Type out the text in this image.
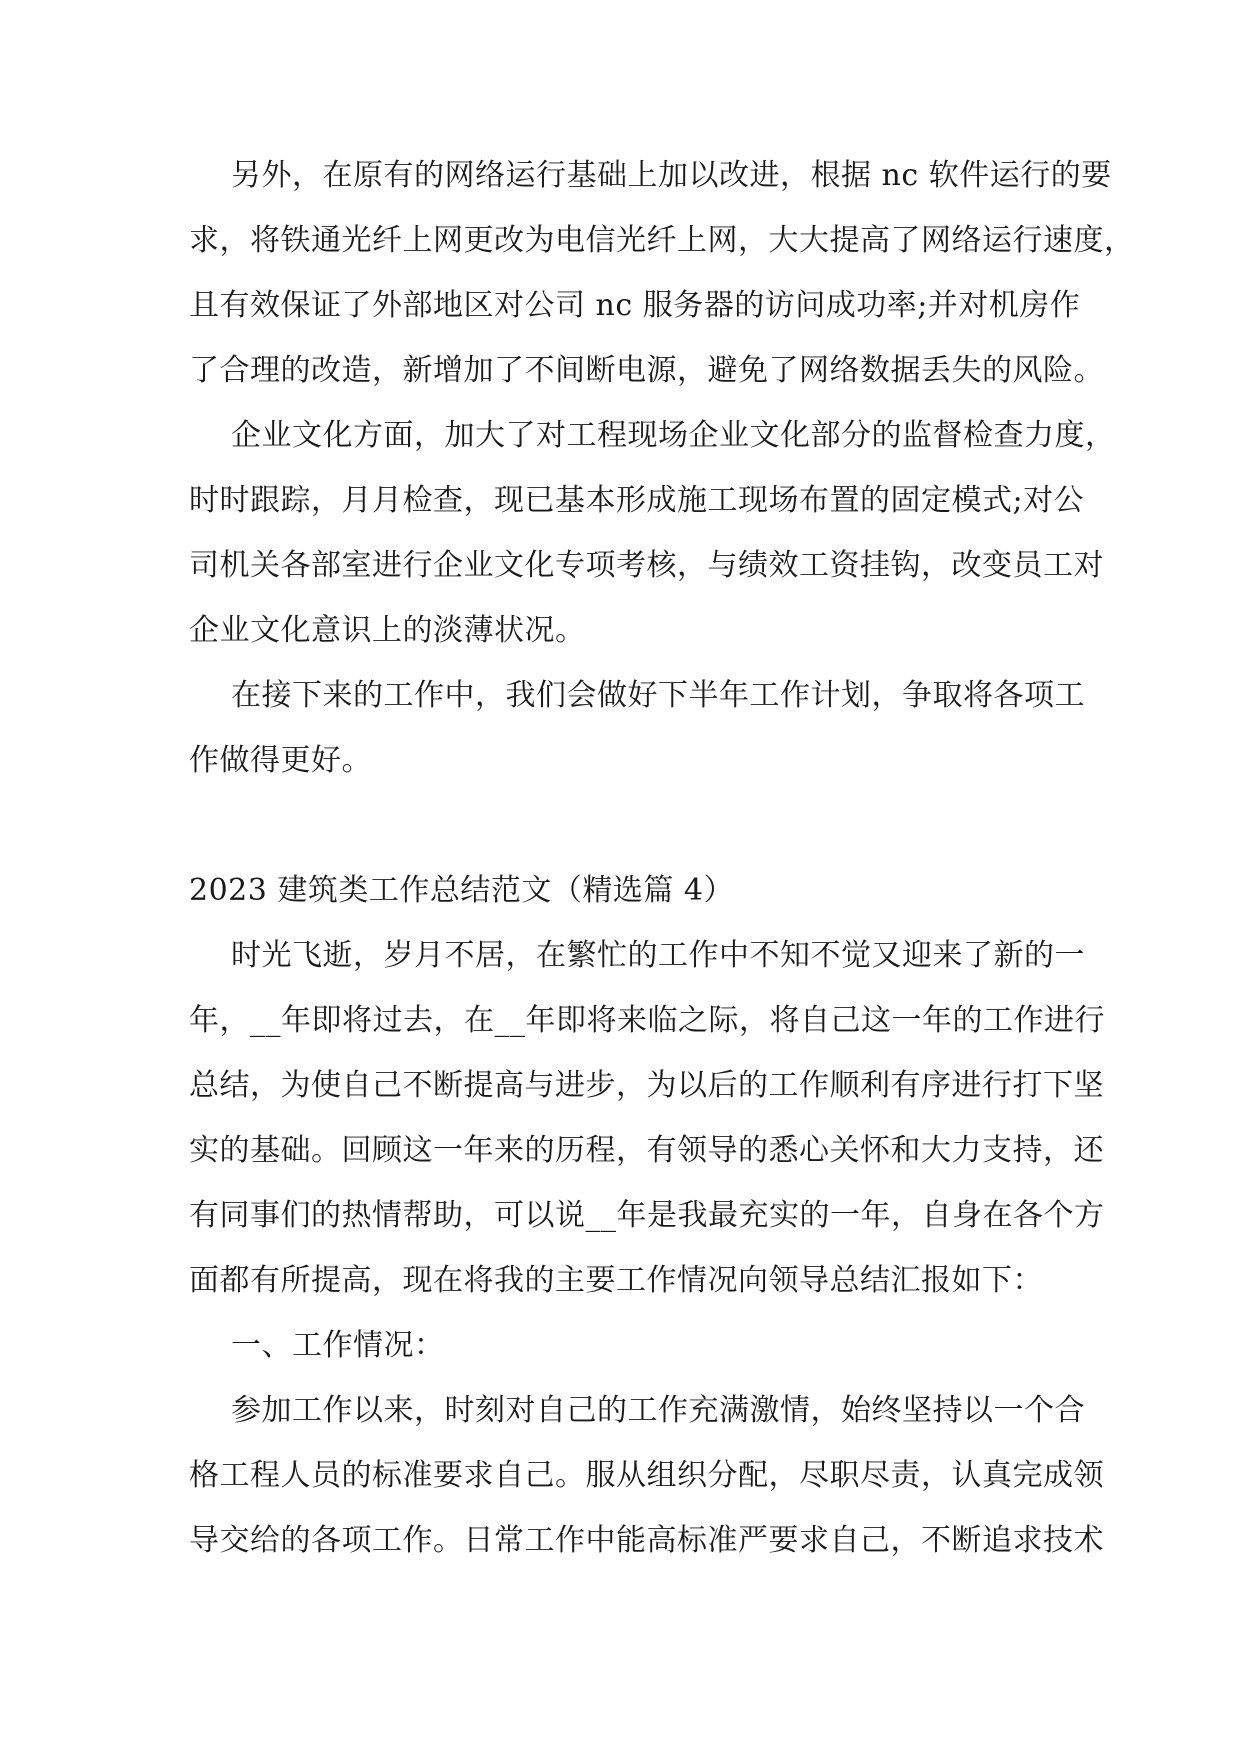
另外，在原有的网络运行基础上加以改进，根据 nc 软件运行的要
求，将铁通光纤上网更改为电信光纤上网，大大提高了网络运行速度，
且有效保证了外部地区对公司 nc 服务器的访问成功率;并对机房作
了合理的改造，新增加了不间断电源，避免了网络数据丢失的风险。
企业文化方面，加大了对工程现场企业文化部分的监督检查力度，
时时跟踪，月月检查，现已基本形成施工现场布置的固定模式;对公
司机关各部室进行企业文化专项考核，与绩效工资挂钩，改变员工对
企业文化意识上的淡薄状况。
在接下来的工作中，我们会做好下半年工作计划，争取将各项工
作做得更好。
2023 建筑类工作总结范文（精选篇 4）
时光飞逝，岁月不居，在繁忙的工作中不知不觉又迎来了新的一
年，__年即将过去，在__年即将来临之际，将自己这一年的工作进行
总结，为使自己不断提高与进步，为以后的工作顺利有序进行打下坚
实的基础。回顾这一年来的历程，有领导的悉心关怀和大力支持，还
有同事们的热情帮助，可以说__年是我最充实的一年，自身在各个方
面都有所提高，现在将我的主要工作情况向领导总结汇报如下：
一、工作情况：
参加工作以来，时刻对自己的工作充满激情，始终坚持以一个合
格工程人员的标准要求自己。服从组织分配，尽职尽责，认真完成领
导交给的各项工作。日常工作中能高标准严要求自己，不断追求技术
